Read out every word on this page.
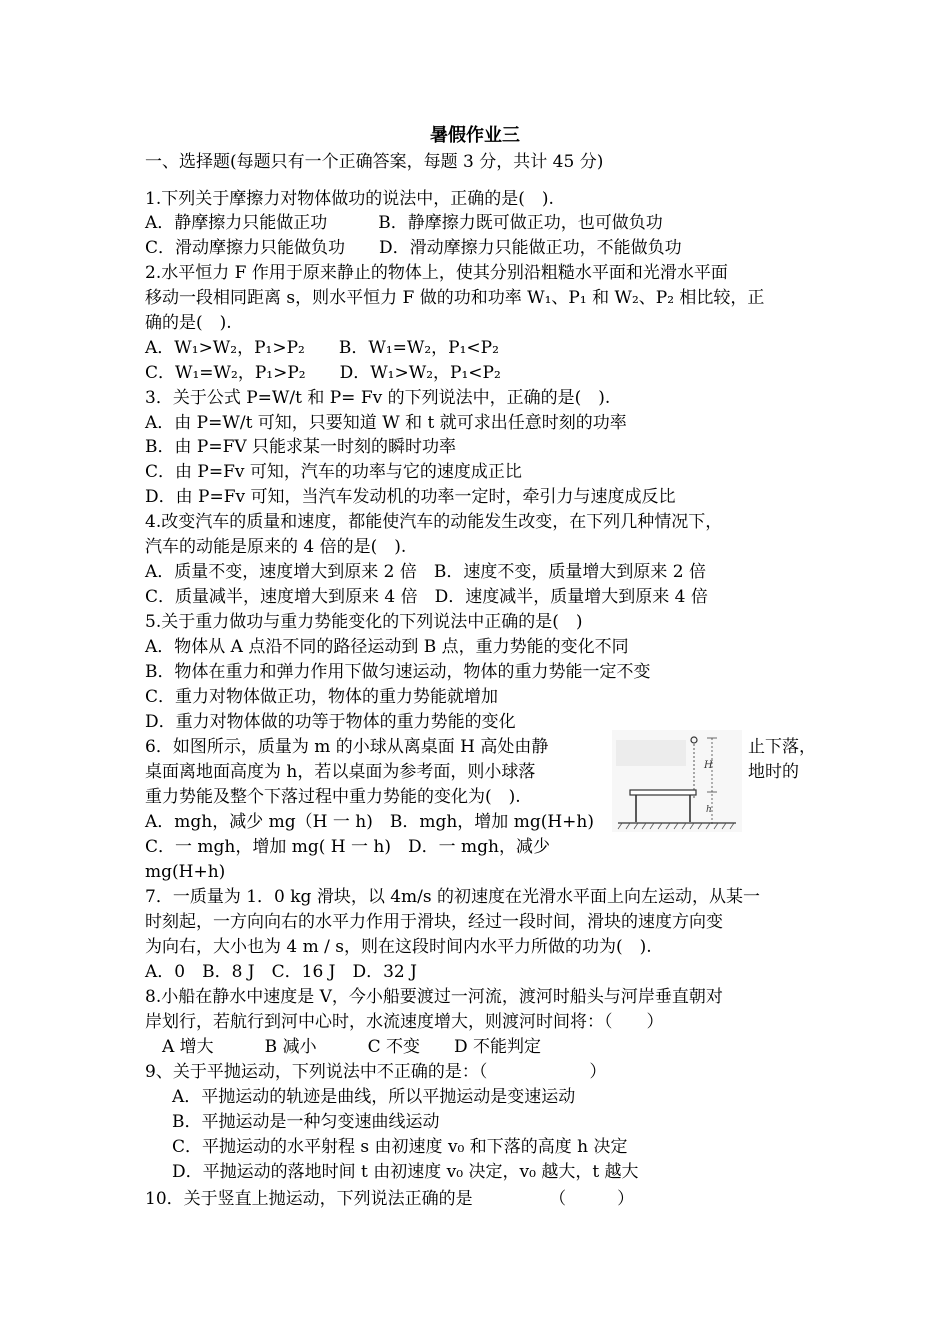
暑假作业三
一、选择题(每题只有一个正确答案，每题 3 分，共计 45 分)
1.下列关于摩擦力对物体做功的说法中，正确的是(　).
A．静摩擦力只能做正功　　　B．静摩擦力既可做正功，也可做负功
C．滑动摩擦力只能做负功　　D．滑动摩擦力只能做正功，不能做负功
2.水平恒力 F 作用于原来静止的物体上，使其分别沿粗糙水平面和光滑水平面
移动一段相同距离 s，则水平恒力 F 做的功和功率 W₁、P₁ 和 W₂、P₂ 相比较，正
确的是(　).
A．W₁>W₂，P₁>P₂　　B．W₁=W₂，P₁<P₂
C．W₁=W₂，P₁>P₂　　D．W₁>W₂，P₁<P₂
3．关于公式 P=W/t 和 P= Fv 的下列说法中，正确的是(　).
A．由 P=W/t 可知，只要知道 W 和 t 就可求出任意时刻的功率
B．由 P=FV 只能求某一时刻的瞬时功率
C．由 P=Fv 可知，汽车的功率与它的速度成正比
D．由 P=Fv 可知，当汽车发动机的功率一定时，牵引力与速度成反比
4.改变汽车的质量和速度，都能使汽车的动能发生改变，在下列几种情况下，
汽车的动能是原来的 4 倍的是(　).
A．质量不变，速度增大到原来 2 倍　B．速度不变，质量增大到原来 2 倍
C．质量减半，速度增大到原来 4 倍　D．速度减半，质量增大到原来 4 倍
5.关于重力做功与重力势能变化的下列说法中正确的是(　)
A．物体从 A 点沿不同的路径运动到 B 点，重力势能的变化不同
B．物体在重力和弹力作用下做匀速运动，物体的重力势能一定不变
C．重力对物体做正功，物体的重力势能就增加
D．重力对物体做的功等于物体的重力势能的变化
6．如图所示，质量为 m 的小球从离桌面 H 高处由静	止下落，
桌面离地面高度为 h，若以桌面为参考面，则小球落	地时的
重力势能及整个下落过程中重力势能的变化为(　).
A．mgh，减少 mg（H 一 h)　B．mgh，增加 mg(H+h)
C．一 mgh，增加 mg( H 一 h)　D．一 mgh，减少
mg(H+h)
H
h
7．一质量为 1．0 kg 滑块，以 4m/s 的初速度在光滑水平面上向左运动，从某一
时刻起，一方向向右的水平力作用于滑块，经过一段时间，滑块的速度方向变
为向右，大小也为 4 m / s，则在这段时间内水平力所做的功为(　).
A．0　B．8 J　C．16 J　D．32 J
8.小船在静水中速度是 V，今小船要渡过一河流，渡河时船头与河岸垂直朝对
岸划行，若航行到河中心时，水流速度增大，则渡河时间将：（　　）
　A 增大　　　B 减小　　　C 不变　　D 不能判定
9、关于平抛运动，下列说法中不正确的是：（　　　　　　）
A．平抛运动的轨迹是曲线，所以平抛运动是变速运动
B．平抛运动是一种匀变速曲线运动
C．平抛运动的水平射程 s 由初速度 v₀ 和下落的高度 h 决定
D．平抛运动的落地时间 t 由初速度 v₀ 决定，v₀ 越大，t 越大
10．关于竖直上抛运动，下列说法正确的是　　　　　（　　　）
